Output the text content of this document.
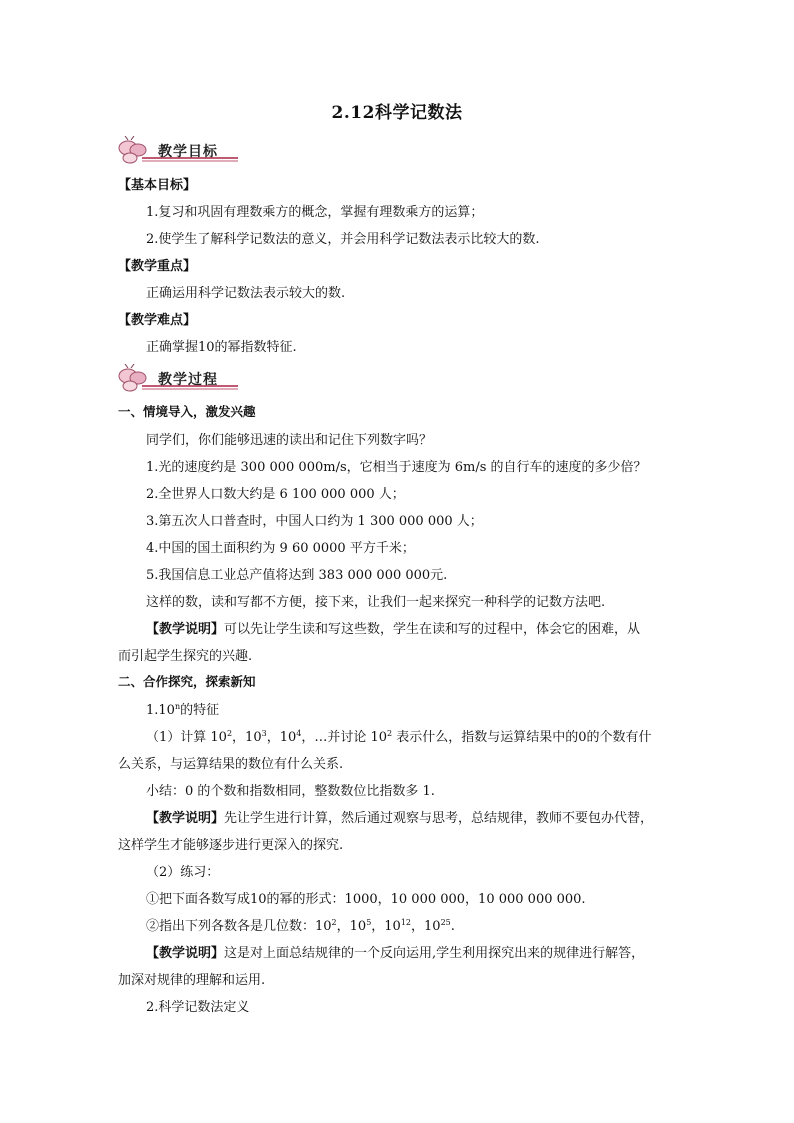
2.12科学记数法
教学目标
【基本目标】
1.复习和巩固有理数乘方的概念，掌握有理数乘方的运算；
2.使学生了解科学记数法的意义，并会用科学记数法表示比较大的数.
【教学重点】
正确运用科学记数法表示较大的数.
【教学难点】
正确掌握10的幂指数特征.
教学过程
一、情境导入，激发兴趣
同学们，你们能够迅速的读出和记住下列数字吗？
1.光的速度约是 300 000 000m/s，它相当于速度为 6m/s 的自行车的速度的多少倍？
2.全世界人口数大约是 6 100 000 000 人；
3.第五次人口普查时，中国人口约为 1 300 000 000 人；
4.中国的国土面积约为 9 60 0000 平方千米；
5.我国信息工业总产值将达到 383 000 000 000元.
这样的数，读和写都不方便，接下来，让我们一起来探究一种科学的记数方法吧.
【教学说明】可以先让学生读和写这些数，学生在读和写的过程中，体会它的困难，从
而引起学生探究的兴趣.
二、合作探究，探索新知
1.10$^n$的特征
（1）计算 $10^2$，$10^3$，$10^4$，…并讨论 $10^2$ 表示什么，指数与运算结果中的0的个数有什
么关系，与运算结果的数位有什么关系.
小结：0 的个数和指数相同，整数数位比指数多 1.
【教学说明】先让学生进行计算，然后通过观察与思考，总结规律，教师不要包办代替，
这样学生才能够逐步进行更深入的探究.
（2）练习：
①把下面各数写成10的幂的形式：1000，10 000 000，10 000 000 000.
②指出下列各数各是几位数：$10^2$，$10^5$，$10^{12}$，$10^{25}$.
【教学说明】这是对上面总结规律的一个反向运用,学生利用探究出来的规律进行解答，
加深对规律的理解和运用.
2.科学记数法定义
